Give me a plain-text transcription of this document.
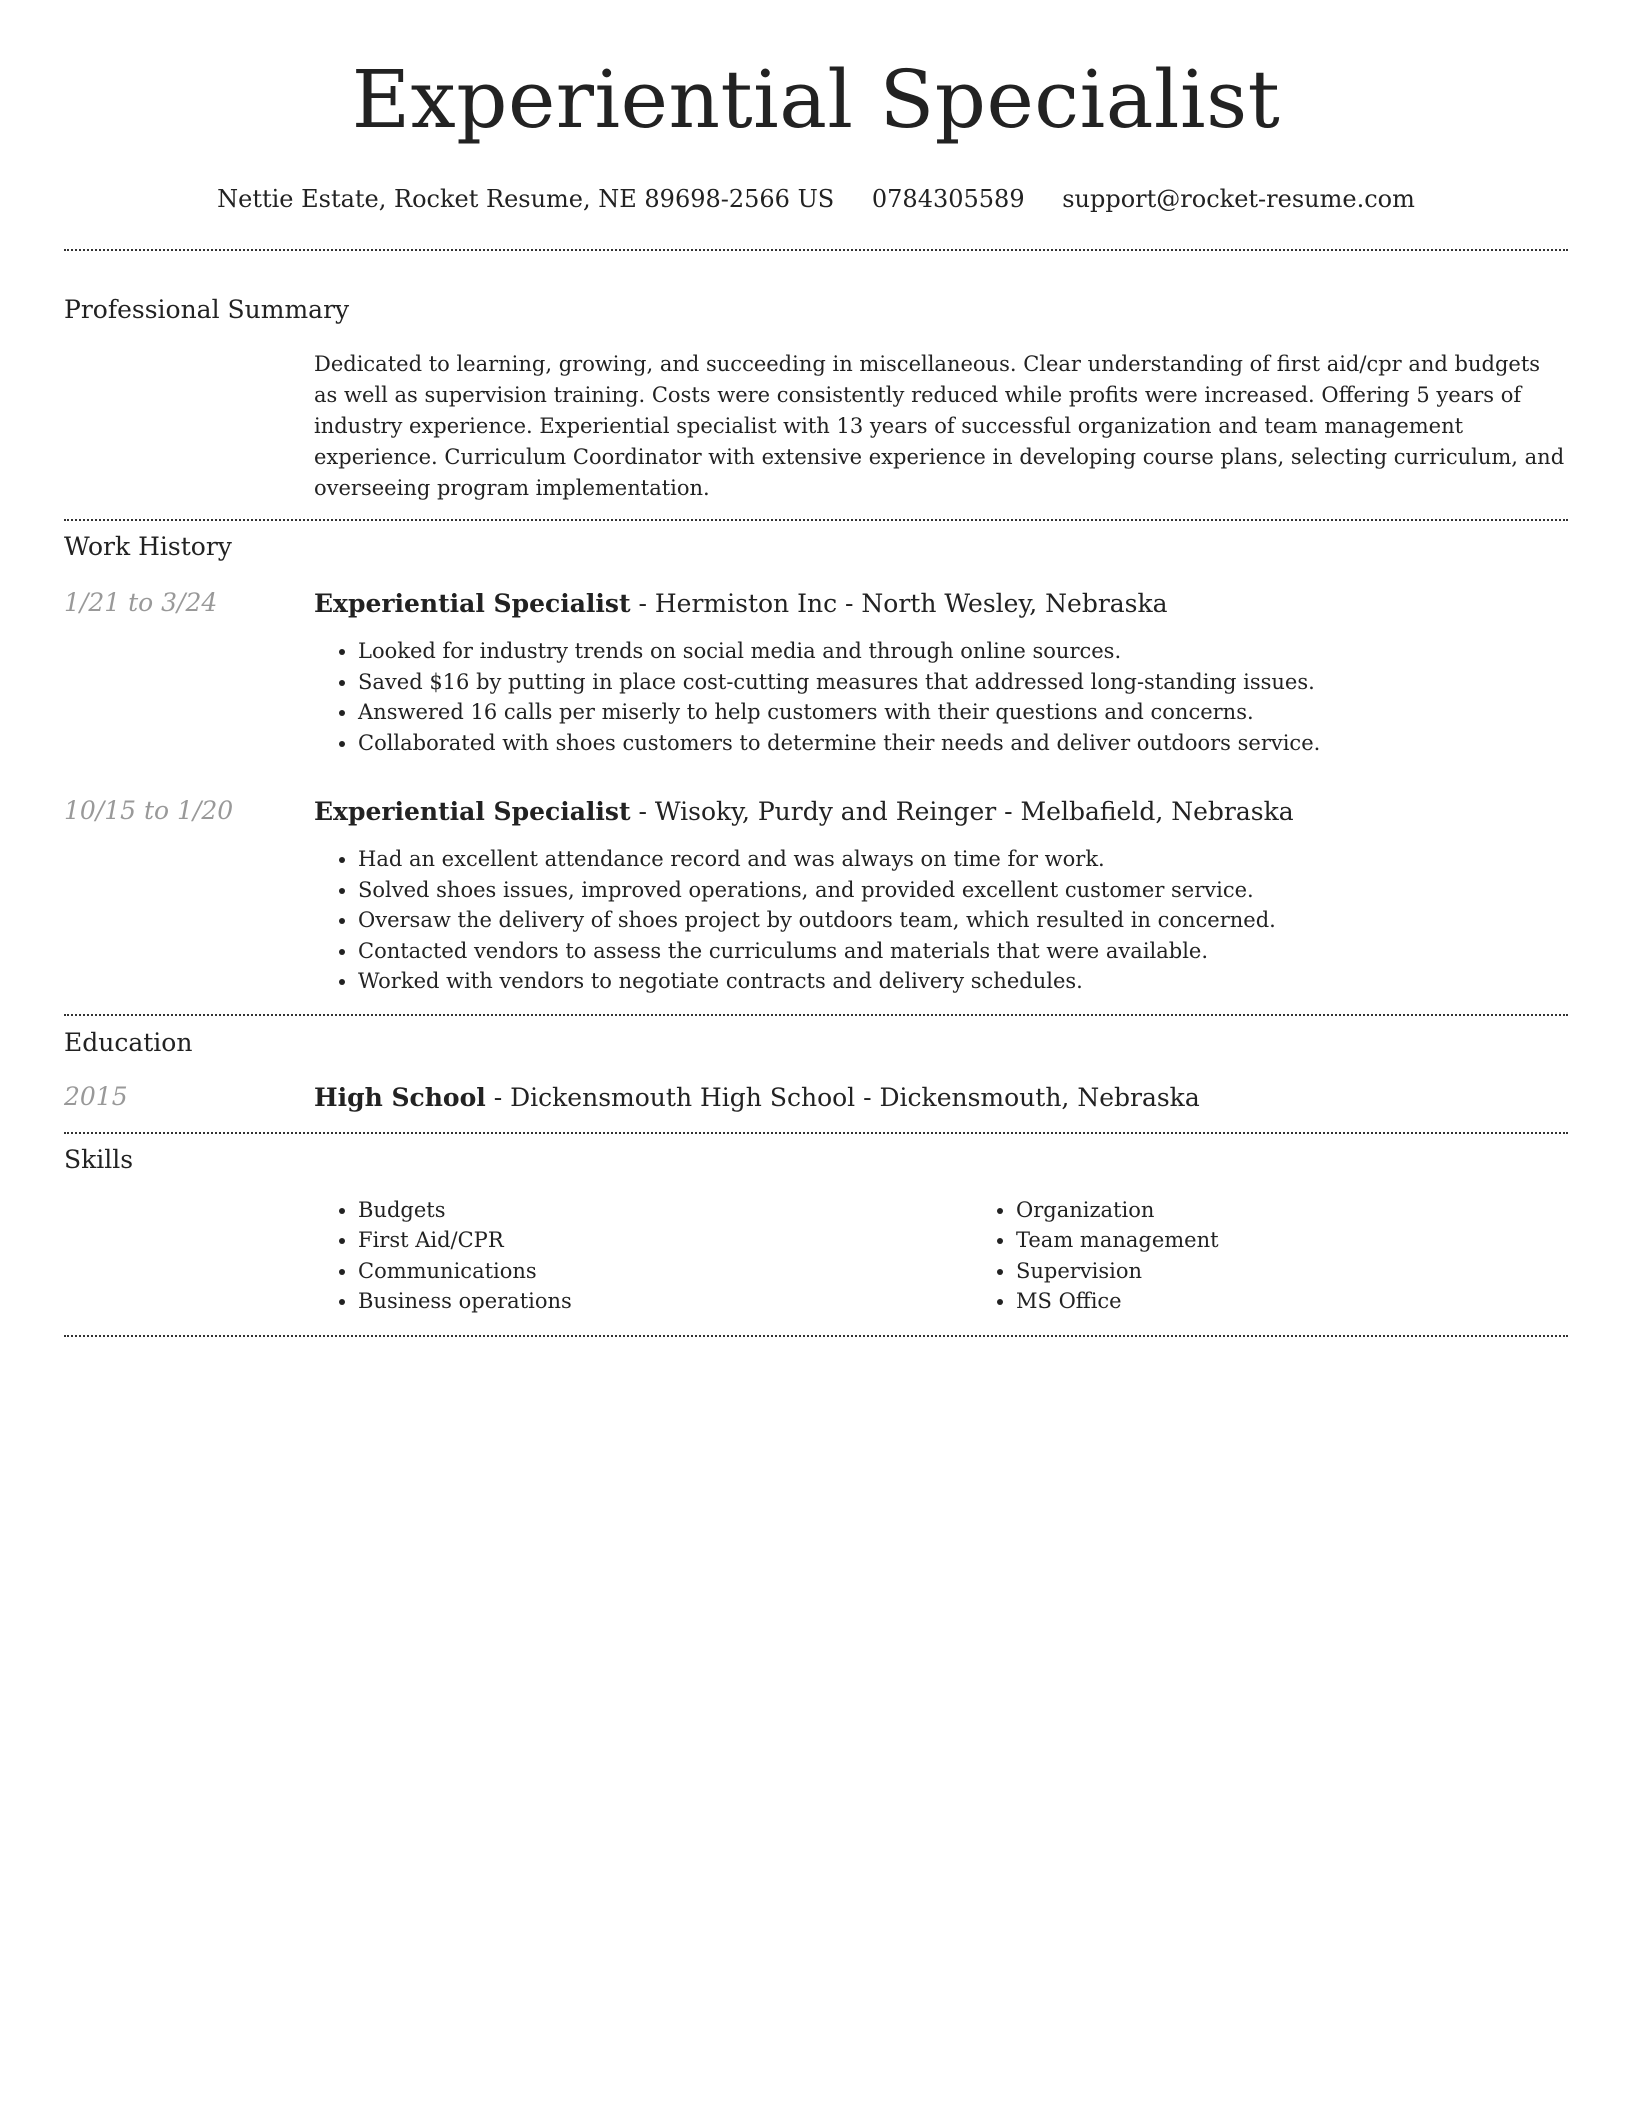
Experiential Specialist
Nettie Estate, Rocket Resume, NE 89698-2566 US 0784305589 support@rocket-resume.com
Professional Summary

Dedicated to learning, growing, and succeeding in miscellaneous. Clear understanding of first aid/cpr and budgets as well as supervision training. Costs were consistently reduced while profits were increased. Offering 5 years of industry experience. Experiential specialist with 13 years of successful organization and team management experience. Curriculum Coordinator with extensive experience in developing course plans, selecting curriculum, and overseeing program implementation.

Work History
1/21 to 3/24	Experiential Specialist - Hermiston Inc - North Wesley, Nebraska
• Looked for industry trends on social media and through online sources.
• Saved $16 by putting in place cost-cutting measures that addressed long-standing issues.
• Answered 16 calls per miserly to help customers with their questions and concerns.
• Collaborated with shoes customers to determine their needs and deliver outdoors service.
10/15 to 1/20	Experiential Specialist - Wisoky, Purdy and Reinger - Melbafield, Nebraska
• Had an excellent attendance record and was always on time for work.
• Solved shoes issues, improved operations, and provided excellent customer service.
• Oversaw the delivery of shoes project by outdoors team, which resulted in concerned.
• Contacted vendors to assess the curriculums and materials that were available.
• Worked with vendors to negotiate contracts and delivery schedules.
Education
2015	High School - Dickensmouth High School - Dickensmouth, Nebraska
Skills
• Budgets
• First Aid/CPR
• Communications
• Business operations
• Organization
• Team management
• Supervision
• MS Office
